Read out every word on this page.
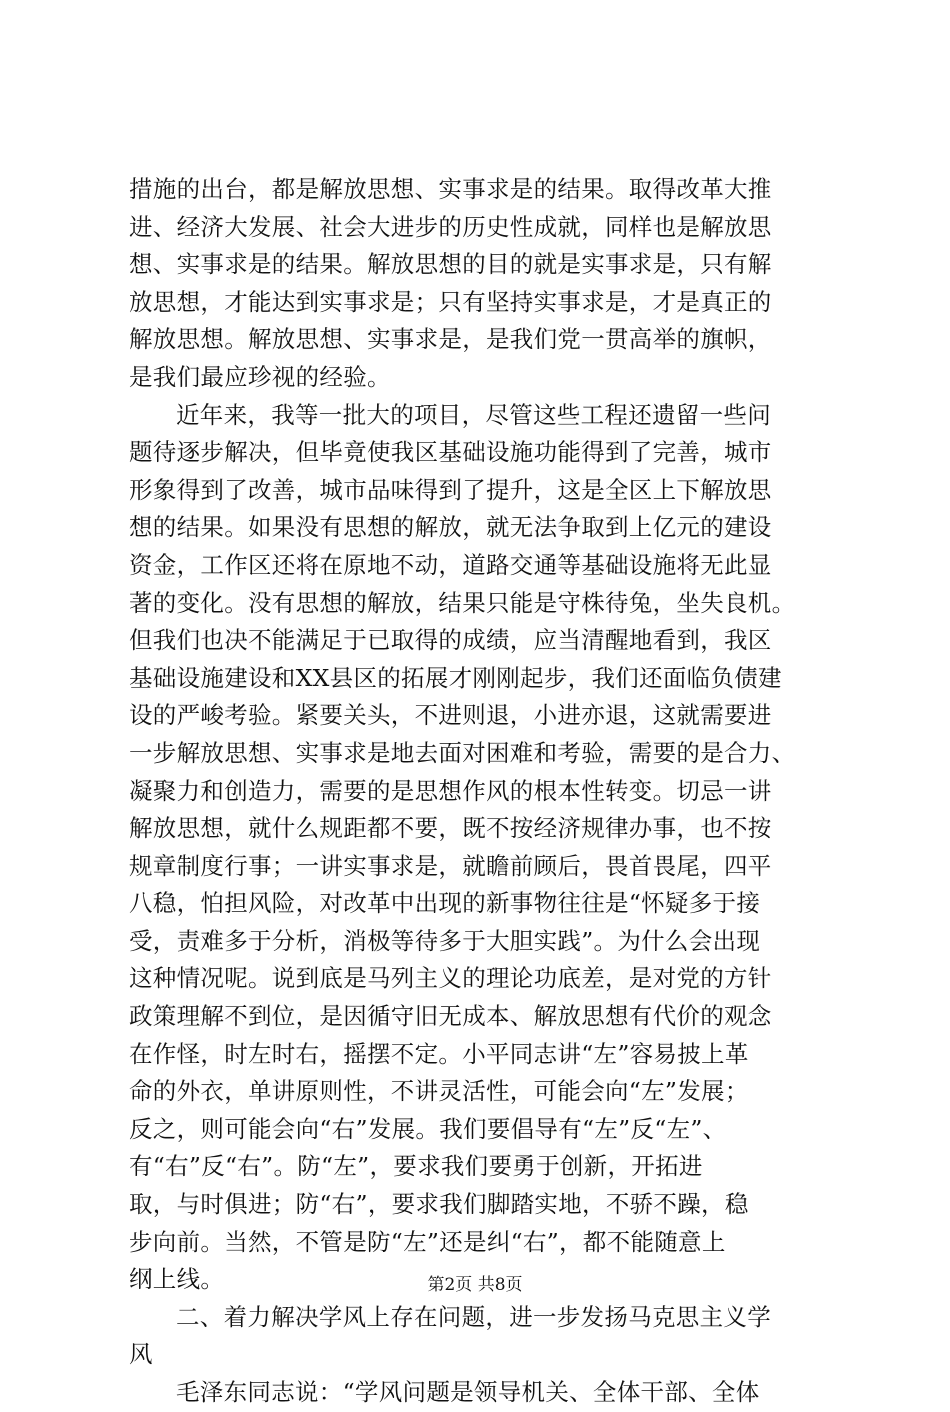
措施的出台，都是解放思想、实事求是的结果。取得改革大推
进、经济大发展、社会大进步的历史性成就，同样也是解放思
想、实事求是的结果。解放思想的目的就是实事求是，只有解
放思想，才能达到实事求是；只有坚持实事求是，才是真正的
解放思想。解放思想、实事求是，是我们党一贯高举的旗帜，
是我们最应珍视的经验。
近年来，我等一批大的项目，尽管这些工程还遗留一些问
题待逐步解决，但毕竟使我区基础设施功能得到了完善，城市
形象得到了改善，城市品味得到了提升，这是全区上下解放思
想的结果。如果没有思想的解放，就无法争取到上亿元的建设
资金，工作区还将在原地不动，道路交通等基础设施将无此显
著的变化。没有思想的解放，结果只能是守株待兔，坐失良机。
但我们也决不能满足于已取得的成绩，应当清醒地看到，我区
基础设施建设和XX县区的拓展才刚刚起步，我们还面临负债建
设的严峻考验。紧要关头，不进则退，小进亦退，这就需要进
一步解放思想、实事求是地去面对困难和考验，需要的是合力、
凝聚力和创造力，需要的是思想作风的根本性转变。切忌一讲
解放思想，就什么规距都不要，既不按经济规律办事，也不按
规章制度行事；一讲实事求是，就瞻前顾后，畏首畏尾，四平
八稳，怕担风险，对改革中出现的新事物往往是“怀疑多于接
受，责难多于分析，消极等待多于大胆实践”。为什么会出现
这种情况呢。说到底是马列主义的理论功底差，是对党的方针
政策理解不到位，是因循守旧无成本、解放思想有代价的观念
在作怪，时左时右，摇摆不定。小平同志讲“左”容易披上革
命的外衣，单讲原则性，不讲灵活性，可能会向“左”发展；
反之，则可能会向“右”发展。我们要倡导有“左”反“左”、
有“右”反“右”。防“左”，要求我们要勇于创新，开拓进
取，与时俱进；防“右”，要求我们脚踏实地，不骄不躁，稳
步向前。当然，不管是防“左”还是纠“右”，都不能随意上
纲上线。
二、着力解决学风上存在问题，进一步发扬马克思主义学
风
毛泽东同志说：“学风问题是领导机关、全体干部、全体
第2页 共8页
